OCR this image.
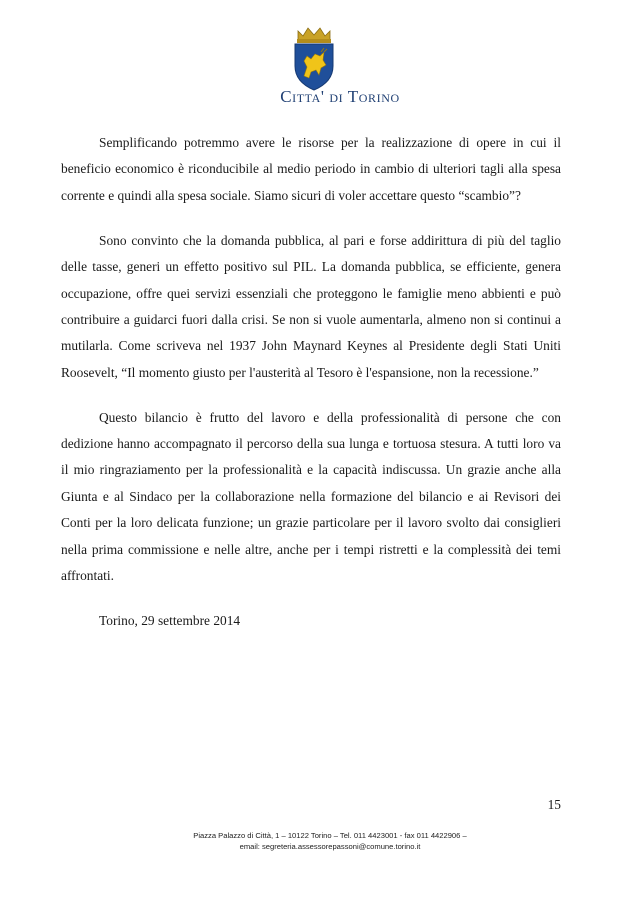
Citta' di Torino

Semplificando potremmo avere le risorse per la realizzazione di opere in cui il beneficio economico è riconducibile al medio periodo in cambio di ulteriori tagli alla spesa corrente e quindi alla spesa sociale. Siamo sicuri di voler accettare questo “scambio”?

Sono convinto che la domanda pubblica, al pari e forse addirittura di più del taglio delle tasse, generi un effetto positivo sul PIL. La domanda pubblica, se efficiente, genera occupazione, offre quei servizi essenziali che proteggono le famiglie meno abbienti e può contribuire a guidarci fuori dalla crisi. Se non si vuole aumentarla, almeno non si continui a mutilarla. Come scriveva nel 1937 John Maynard Keynes al Presidente degli Stati Uniti Roosevelt, “Il momento giusto per l'austerità al Tesoro è l'espansione, non la recessione.”

Questo bilancio è frutto del lavoro e della professionalità di persone che con dedizione hanno accompagnato il percorso della sua lunga e tortuosa stesura. A tutti loro va il mio ringraziamento per la professionalità e la capacità indiscussa. Un grazie anche alla Giunta e al Sindaco per la collaborazione nella formazione del bilancio e ai Revisori dei Conti per la loro delicata funzione; un grazie particolare per il lavoro svolto dai consiglieri nella prima commissione e nelle altre, anche per i tempi ristretti e la complessità dei temi affrontati.

Torino, 29 settembre 2014

15
Piazza Palazzo di Città, 1 – 10122 Torino – Tel. 011 4423001 - fax 011 4422906 –
email: segreteria.assessorepassoni@comune.torino.it
